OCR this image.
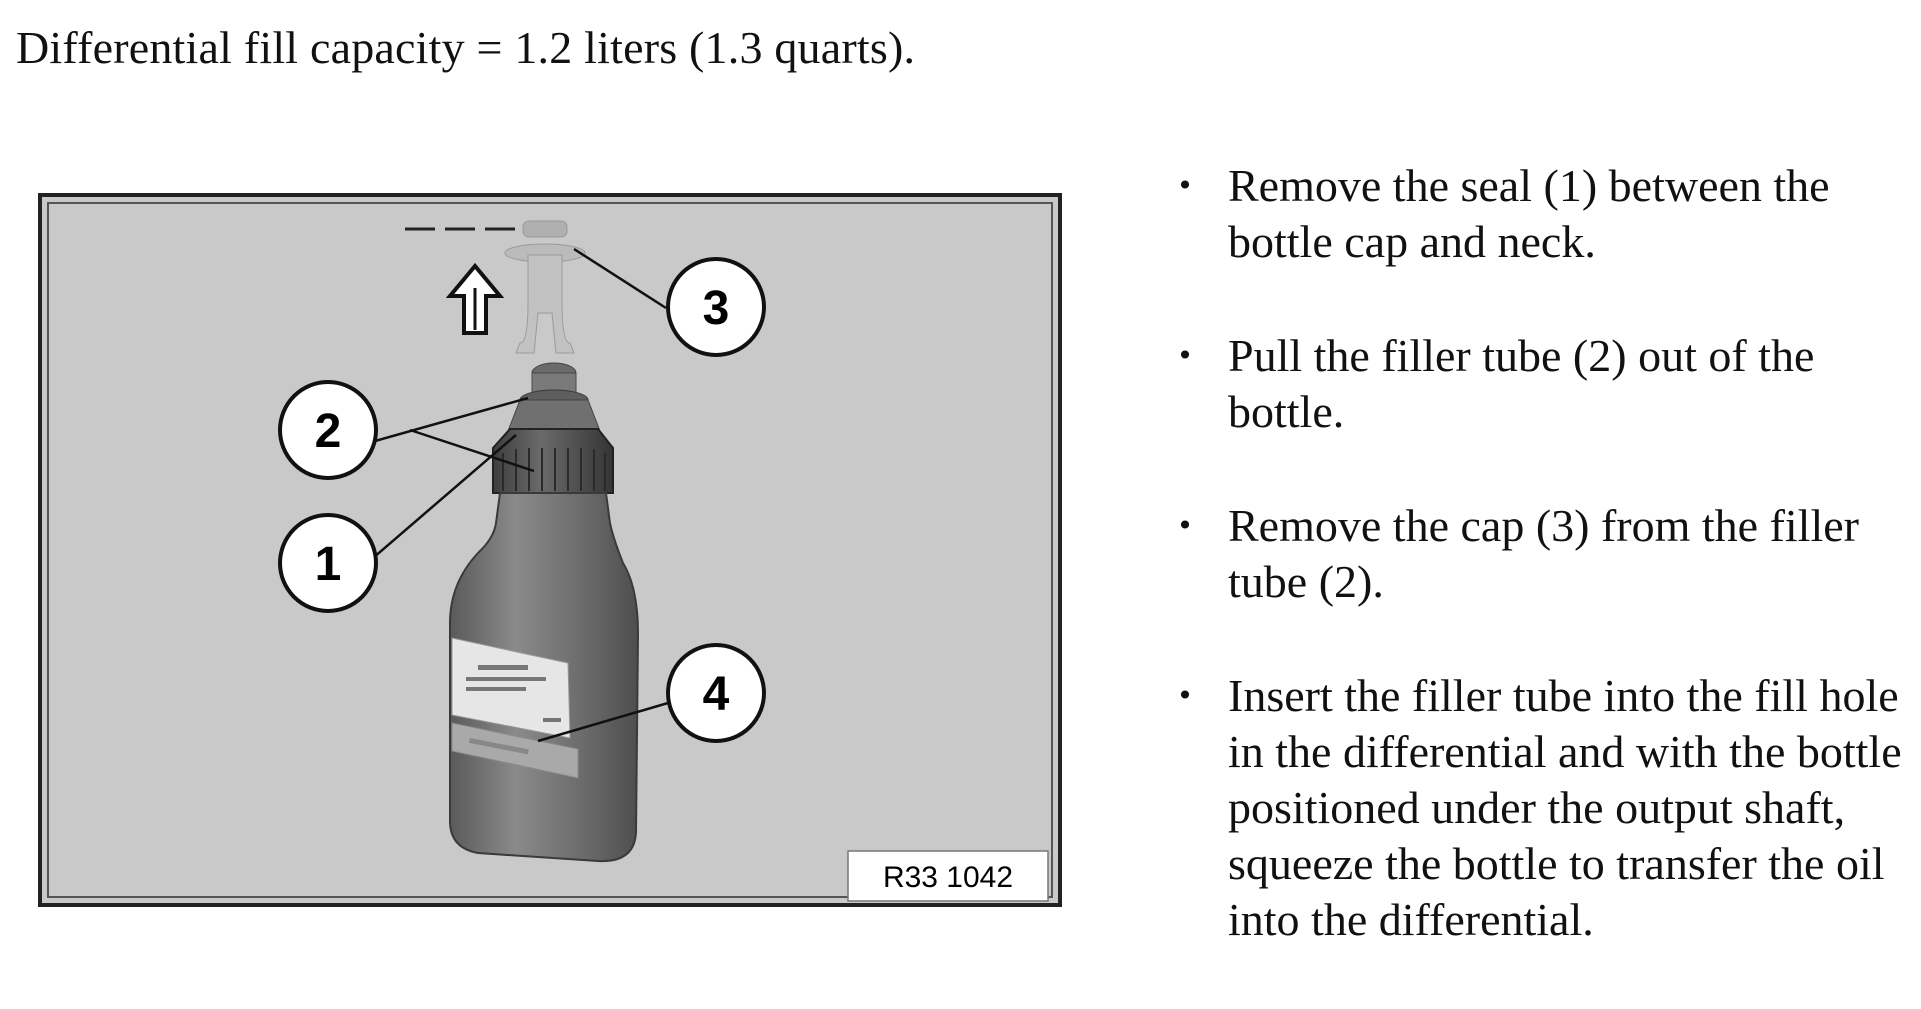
Differential fill capacity = 1.2 liters (1.3 quarts).
2
1
3
4
R33 1042
• Remove the seal (1) between the bottle cap and neck.
• Pull the filler tube (2) out of the bottle.
• Remove the cap (3) from the filler tube (2).
• Insert the filler tube into the fill hole in the differential and with the bottle positioned under the output shaft, squeeze the bottle to transfer the oil into the differential.
